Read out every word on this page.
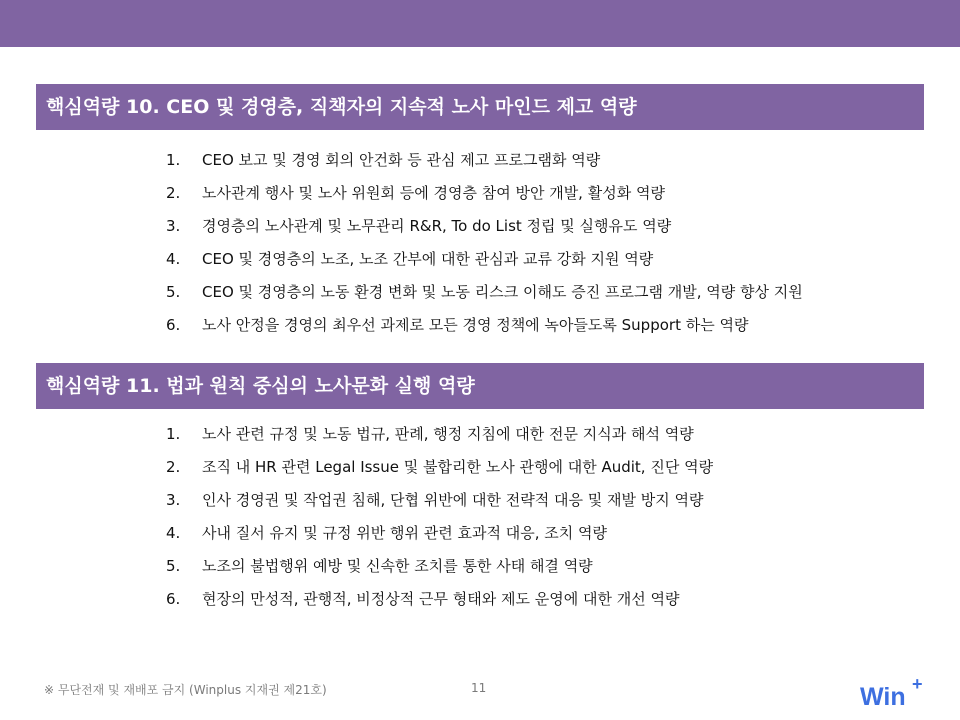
핵심역량 10. CEO 및 경영층, 직책자의 지속적 노사 마인드 제고 역량
1. CEO 보고 및 경영 회의 안건화 등 관심 제고 프로그램화 역량
2. 노사관계 행사 및 노사 위원회 등에 경영층 참여 방안 개발, 활성화 역량
3. 경영층의 노사관계 및 노무관리 R&R, To do List 정립 및 실행유도 역량
4. CEO 및 경영층의 노조, 노조 간부에 대한 관심과 교류 강화 지원 역량
5. CEO 및 경영층의 노동 환경 변화 및 노동 리스크 이해도 증진 프로그램 개발, 역량 향상 지원
6. 노사 안정을 경영의 최우선 과제로 모든 경영 정책에 녹아들도록 Support 하는 역량
핵심역량 11. 법과 원칙 중심의 노사문화 실행 역량
1. 노사 관련 규정 및 노동 법규, 판례, 행정 지침에 대한 전문 지식과 해석 역량
2. 조직 내 HR 관련 Legal Issue 및 불합리한 노사 관행에 대한 Audit, 진단 역량
3. 인사 경영권 및 작업권 침해, 단협 위반에 대한 전략적 대응 및 재발 방지 역량
4. 사내 질서 유지 및 규정 위반 행위 관련 효과적 대응, 조치 역량
5. 노조의 불법행위 예방 및 신속한 조치를 통한 사태 해결 역량
6. 현장의 만성적, 관행적, 비정상적 근무 형태와 제도 운영에 대한 개선 역량
※ 무단전재 및 재배포 금지 (Winplus 지재권 제21호)	11	Win +
